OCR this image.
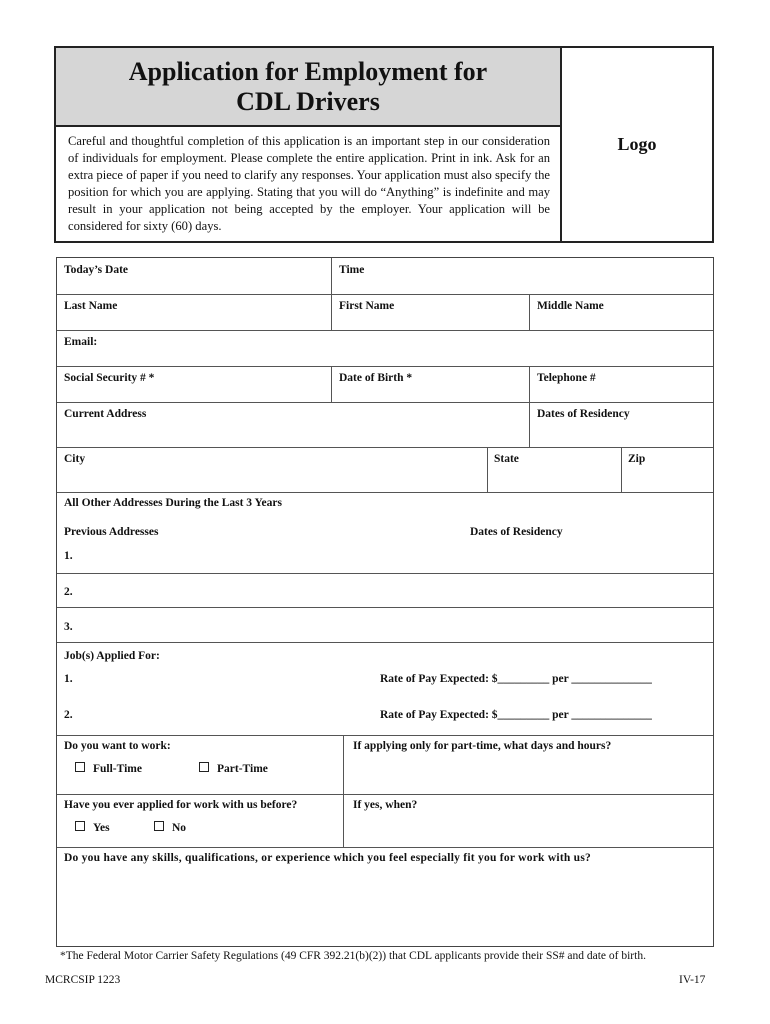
Application for Employment for
CDL Drivers

Careful and thoughtful completion of this application is an important step in our consideration of individuals for employment. Please complete the entire application. Print in ink. Ask for an extra piece of paper if you need to clarify any responses. Your application must also specify the position for which you are applying. Stating that you will do “Anything” is indefinite and may result in your application not being accepted by the employer. Your application will be considered for sixty (60) days.

Logo
Today’s Date	Time
Last Name	First Name	Middle Name
Email:
Social Security # *	Date of Birth *	Telephone #
Current Address	Dates of Residency
City	State	Zip
All Other Addresses During the Last 3 Years
Previous Addresses	Dates of Residency
1.
2.
3.
Job(s) Applied For:
1.	Rate of Pay Expected: $_________ per ______________
2.	Rate of Pay Expected: $_________ per ______________
Do you want to work:
Full-Time	Part-Time
If applying only for part-time, what days and hours?
Have you ever applied for work with us before?
Yes	No
If yes, when?
Do you have any skills, qualifications, or experience which you feel especially fit you for work with us?
*The Federal Motor Carrier Safety Regulations (49 CFR 392.21(b)(2)) that CDL applicants provide their SS# and date of birth.
MCRCSIP 1223	IV-17
